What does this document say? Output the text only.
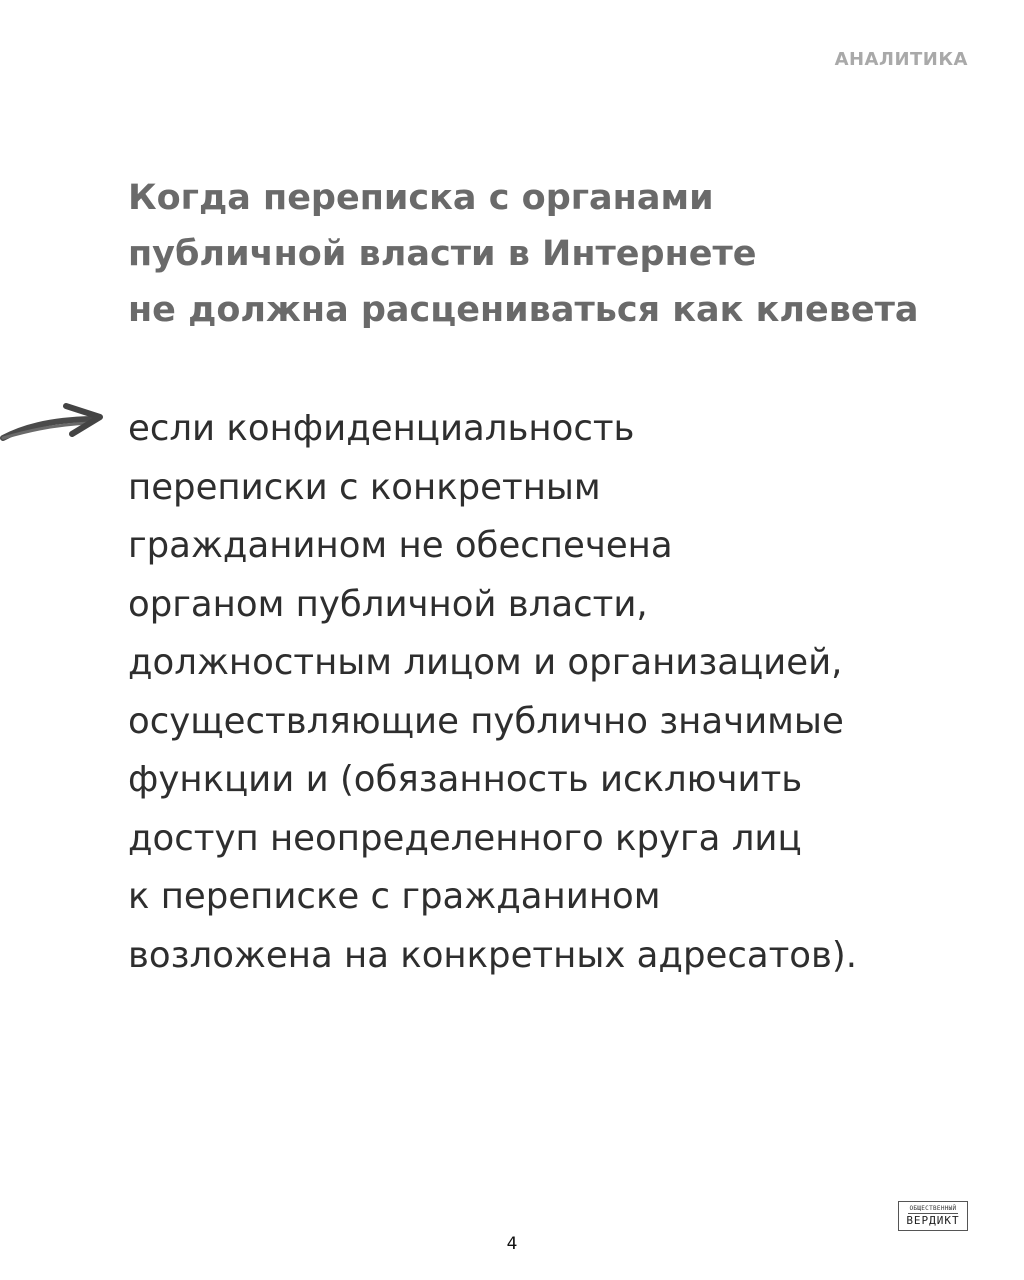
АНАЛИТИКА
Когда переписка с органами
публичной власти в Интернете
не должна расцениваться как клевета

если конфиденциальность
переписки с конкретным
гражданином не обеспечена
органом публичной власти,
должностным лицом и организацией,
осуществляющие публично значимые
функции и (обязанность исключить
доступ неопределенного круга лиц
к переписке с гражданином
возложена на конкретных адресатов).

ОБЩЕСТВЕННЫЙ
ВЕРДИКТ
4
